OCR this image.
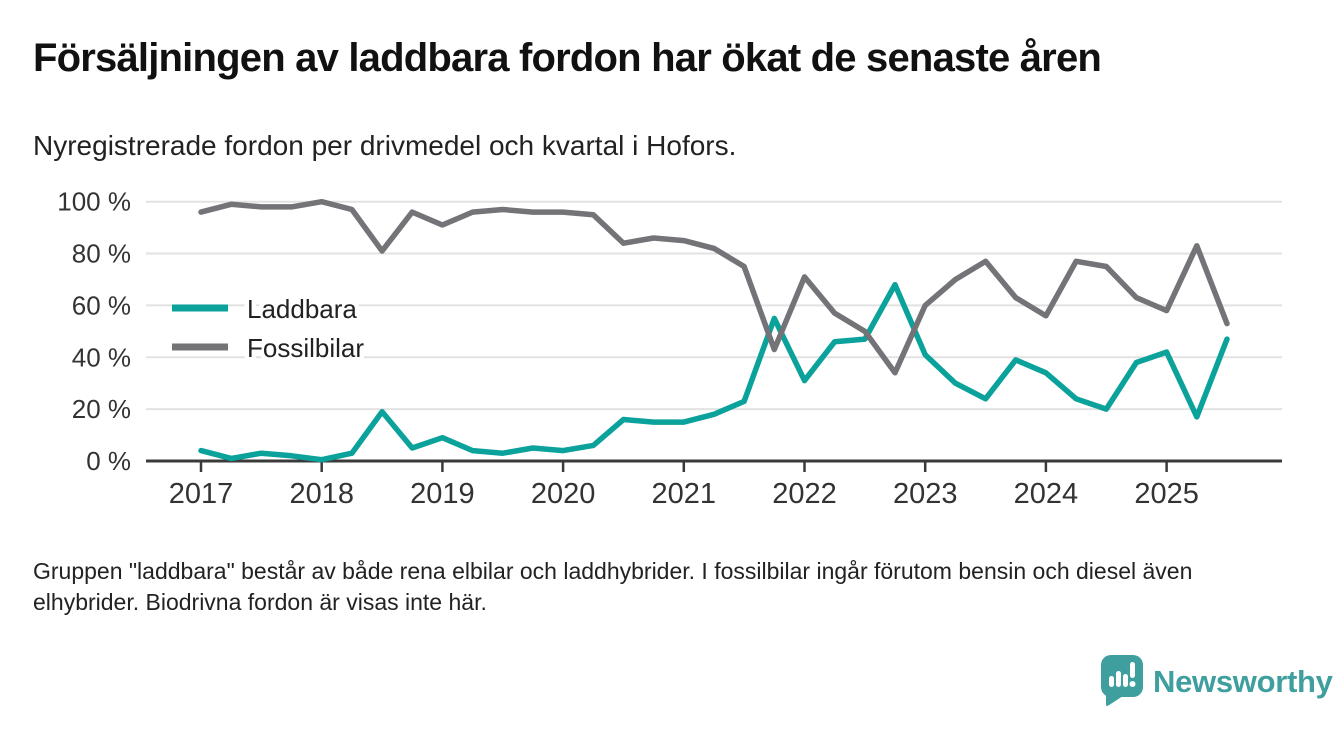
Försäljningen av laddbara fordon har ökat de senaste åren

Nyregistrerade fordon per drivmedel och kvartal i Hofors.

0 %
20 %
40 %
60 %
80 %
100 %
2017 2018 2019 2020 2021 2022 2023 2024 2025
Laddbara
Fossilbilar

Gruppen "laddbara" består av både rena elbilar och laddhybrider. I fossilbilar ingår förutom bensin och diesel även elhybrider. Biodrivna fordon är visas inte här.

Newsworthy
